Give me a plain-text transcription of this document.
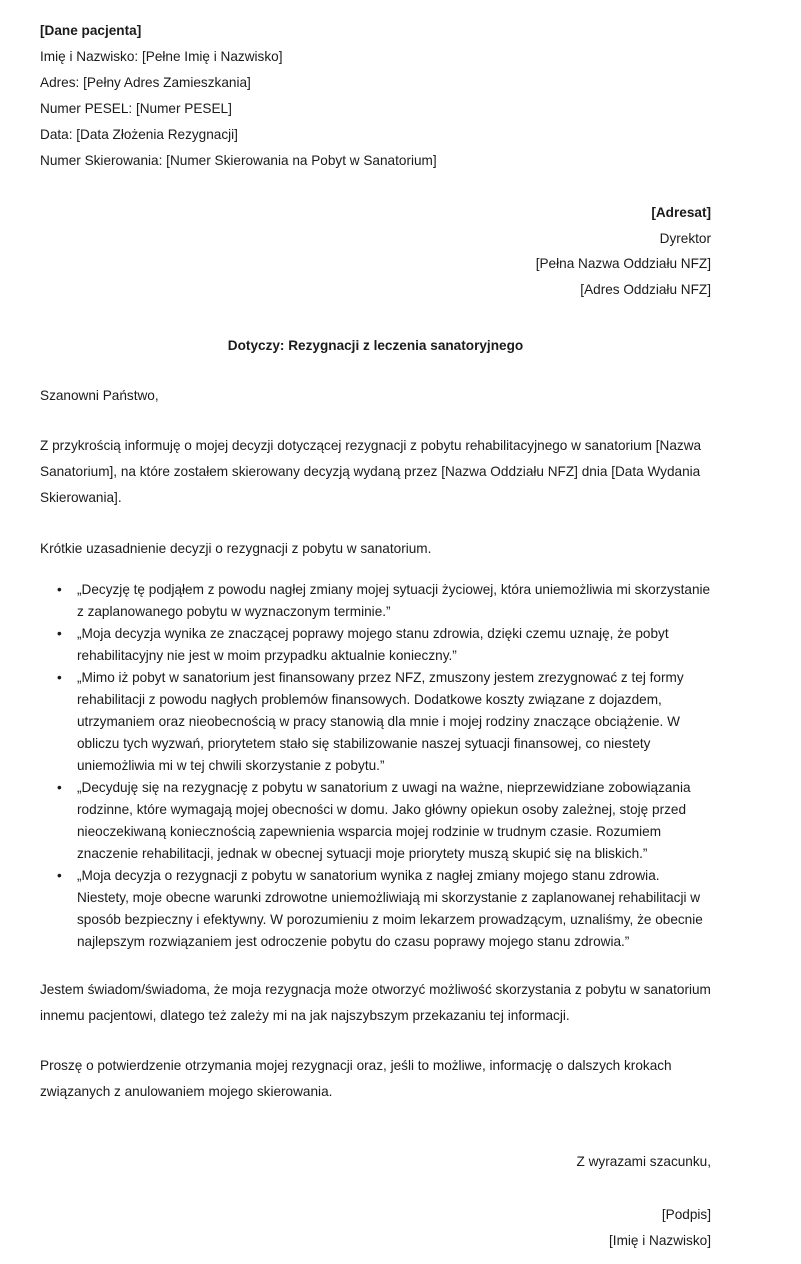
[Dane pacjenta]
Imię i Nazwisko: [Pełne Imię i Nazwisko]
Adres: [Pełny Adres Zamieszkania]
Numer PESEL: [Numer PESEL]
Data: [Data Złożenia Rezygnacji]
Numer Skierowania: [Numer Skierowania na Pobyt w Sanatorium]
[Adresat]
Dyrektor
[Pełna Nazwa Oddziału NFZ]
[Adres Oddziału NFZ]
Dotyczy: Rezygnacji z leczenia sanatoryjnego

Szanowni Państwo,

Z przykrością informuję o mojej decyzji dotyczącej rezygnacji z pobytu rehabilitacyjnego w sanatorium [Nazwa Sanatorium], na które zostałem skierowany decyzją wydaną przez [Nazwa Oddziału NFZ] dnia [Data Wydania Skierowania].

Krótkie uzasadnienie decyzji o rezygnacji z pobytu w sanatorium.

• „Decyzję tę podjąłem z powodu nagłej zmiany mojej sytuacji życiowej, która uniemożliwia mi skorzystanie z zaplanowanego pobytu w wyznaczonym terminie.”
• „Moja decyzja wynika ze znaczącej poprawy mojego stanu zdrowia, dzięki czemu uznaję, że pobyt rehabilitacyjny nie jest w moim przypadku aktualnie konieczny.”
• „Mimo iż pobyt w sanatorium jest finansowany przez NFZ, zmuszony jestem zrezygnować z tej formy rehabilitacji z powodu nagłych problemów finansowych. Dodatkowe koszty związane z dojazdem, utrzymaniem oraz nieobecnością w pracy stanowią dla mnie i mojej rodziny znaczące obciążenie. W obliczu tych wyzwań, priorytetem stało się stabilizowanie naszej sytuacji finansowej, co niestety uniemożliwia mi w tej chwili skorzystanie z pobytu.”
• „Decyduję się na rezygnację z pobytu w sanatorium z uwagi na ważne, nieprzewidziane zobowiązania rodzinne, które wymagają mojej obecności w domu. Jako główny opiekun osoby zależnej, stoję przed nieoczekiwaną koniecznością zapewnienia wsparcia mojej rodzinie w trudnym czasie. Rozumiem znaczenie rehabilitacji, jednak w obecnej sytuacji moje priorytety muszą skupić się na bliskich.”
• „Moja decyzja o rezygnacji z pobytu w sanatorium wynika z nagłej zmiany mojego stanu zdrowia. Niestety, moje obecne warunki zdrowotne uniemożliwiają mi skorzystanie z zaplanowanej rehabilitacji w sposób bezpieczny i efektywny. W porozumieniu z moim lekarzem prowadzącym, uznaliśmy, że obecnie najlepszym rozwiązaniem jest odroczenie pobytu do czasu poprawy mojego stanu zdrowia.”

Jestem świadom/świadoma, że moja rezygnacja może otworzyć możliwość skorzystania z pobytu w sanatorium innemu pacjentowi, dlatego też zależy mi na jak najszybszym przekazaniu tej informacji.

Proszę o potwierdzenie otrzymania mojej rezygnacji oraz, jeśli to możliwe, informację o dalszych krokach związanych z anulowaniem mojego skierowania.

Z wyrazami szacunku,
[Podpis]
[Imię i Nazwisko]
